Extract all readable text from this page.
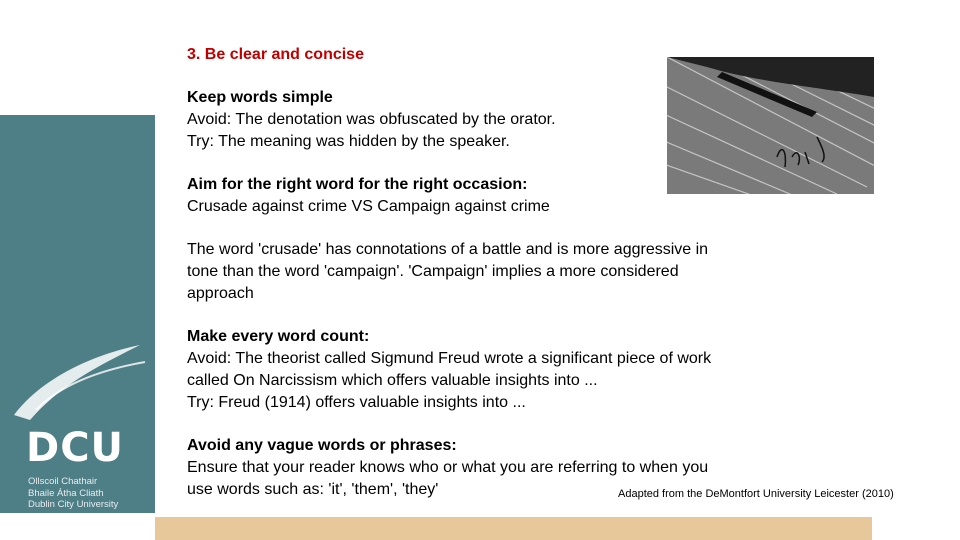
DCU
Ollscoil Chathair
Bhaile Átha Cliath
Dublin City University

3. Be clear and concise

Keep words simple

Avoid: The denotation was obfuscated by the orator.

Try: The meaning was hidden by the speaker.

Aim for the right word for the right occasion:

Crusade against crime VS Campaign against crime

The word 'crusade' has connotations of a battle and is more aggressive in

tone than the word 'campaign'. 'Campaign' implies a more considered

approach

Make every word count:

Avoid: The theorist called Sigmund Freud wrote a significant piece of work

called On Narcissism which offers valuable insights into ...

Try: Freud (1914) offers valuable insights into ...

Avoid any vague words or phrases:

Ensure that your reader knows who or what you are referring to when you

use words such as: 'it', 'them', 'they'	Adapted from the DeMontfort University Leicester (2010)
